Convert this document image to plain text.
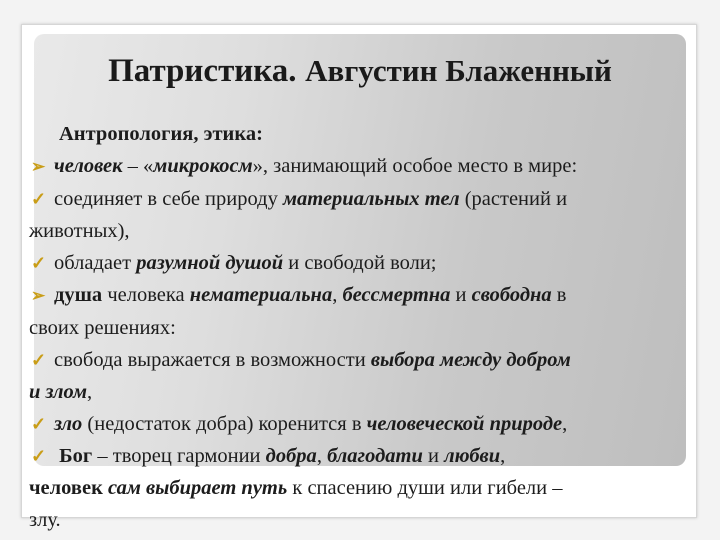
Патристика. Августин Блаженный
Антропология, этика:
➢ человек – «микрокосм», занимающий особое место в мире:
✓ соединяет в себе природу материальных тел (растений и
животных),
✓ обладает разумной душой и свободой воли;
➢ душа человека нематериальна, бессмертна и свободна в
своих решениях:
✓ свобода выражается в возможности выбора между добром
и злом,
✓ зло (недостаток добра) коренится в человеческой природе,
✓ Бог – творец гармонии добра, благодати и любви,
человек сам выбирает путь к спасению души или гибели –
злу.
